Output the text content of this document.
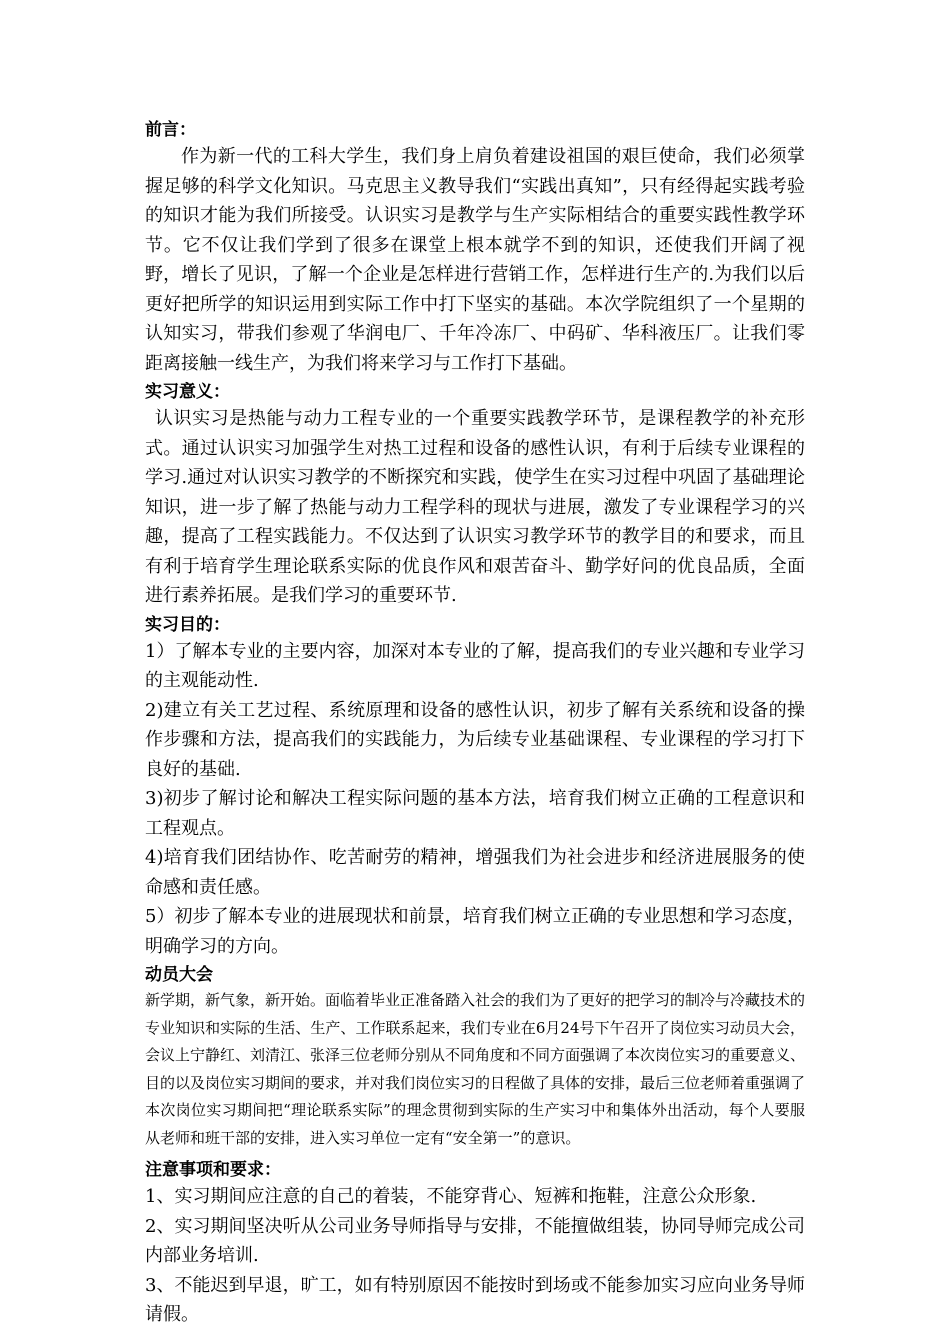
前言：

作为新一代的工科大学生，我们身上肩负着建设祖国的艰巨使命，我们必须掌握足够的科学文化知识。马克思主义教导我们“实践出真知”，只有经得起实践考验的知识才能为我们所接受。认识实习是教学与生产实际相结合的重要实践性教学环节。它不仅让我们学到了很多在课堂上根本就学不到的知识，还使我们开阔了视野，增长了见识，了解一个企业是怎样进行营销工作，怎样进行生产的.为我们以后更好把所学的知识运用到实际工作中打下坚实的基础。本次学院组织了一个星期的认知实习，带我们参观了华润电厂、千年冷冻厂、中码矿、华科液压厂。让我们零距离接触一线生产，为我们将来学习与工作打下基础。

实习意义：

认识实习是热能与动力工程专业的一个重要实践教学环节，是课程教学的补充形式。通过认识实习加强学生对热工过程和设备的感性认识，有利于后续专业课程的学习.通过对认识实习教学的不断探究和实践，使学生在实习过程中巩固了基础理论知识，进一步了解了热能与动力工程学科的现状与进展，激发了专业课程学习的兴趣，提高了工程实践能力。不仅达到了认识实习教学环节的教学目的和要求，而且有利于培育学生理论联系实际的优良作风和艰苦奋斗、勤学好问的优良品质，全面进行素养拓展。是我们学习的重要环节.

实习目的：

1）了解本专业的主要内容，加深对本专业的了解，提高我们的专业兴趣和专业学习的主观能动性.

2)建立有关工艺过程、系统原理和设备的感性认识，初步了解有关系统和设备的操作步骤和方法，提高我们的实践能力，为后续专业基础课程、专业课程的学习打下良好的基础.

3)初步了解讨论和解决工程实际问题的基本方法，培育我们树立正确的工程意识和工程观点。

4)培育我们团结协作、吃苦耐劳的精神，增强我们为社会进步和经济进展服务的使命感和责任感。

5）初步了解本专业的进展现状和前景，培育我们树立正确的专业思想和学习态度，明确学习的方向。

动员大会

新学期，新气象，新开始。面临着毕业正准备踏入社会的我们为了更好的把学习的制冷与冷藏技术的专业知识和实际的生活、生产、工作联系起来，我们专业在6月24号下午召开了岗位实习动员大会，会议上宁静红、刘清江、张泽三位老师分别从不同角度和不同方面强调了本次岗位实习的重要意义、目的以及岗位实习期间的要求，并对我们岗位实习的日程做了具体的安排，最后三位老师着重强调了本次岗位实习期间把“理论联系实际”的理念贯彻到实际的生产实习中和集体外出活动，每个人要服从老师和班干部的安排，进入实习单位一定有“安全第一”的意识。

注意事项和要求：

1、实习期间应注意的自己的着装，不能穿背心、短裤和拖鞋，注意公众形象.

2、实习期间坚决听从公司业务导师指导与安排，不能擅做组装，协同导师完成公司内部业务培训.

3、不能迟到早退，旷工，如有特别原因不能按时到场或不能参加实习应向业务导师请假。
